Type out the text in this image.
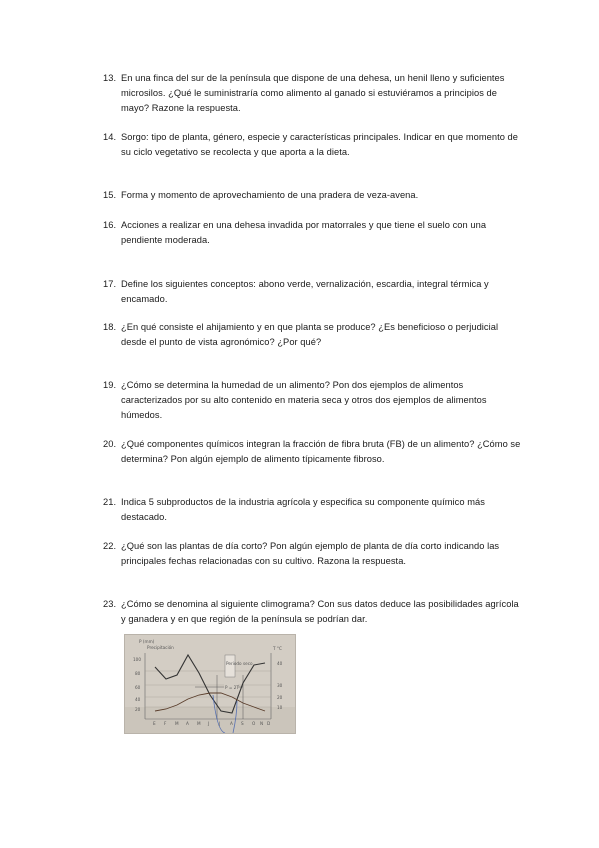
13. En una finca del sur de la península que dispone de una dehesa, un henil lleno y suficientes microsilos. ¿Qué le suministraría como alimento al ganado si estuviéramos a principios de mayo? Razone la respuesta.
14. Sorgo: tipo de planta, género, especie y características principales. Indicar en que momento de su ciclo vegetativo se recolecta y que aporta a la dieta.
15. Forma y momento de aprovechamiento de una pradera de veza-avena.
16. Acciones a realizar en una dehesa invadida por matorrales y que tiene el suelo con una pendiente moderada.
17. Define los siguientes conceptos: abono verde, vernalización, escardia, integral térmica y encamado.
18. ¿En qué consiste el ahijamiento y en que planta se produce? ¿Es beneficioso o perjudicial desde el punto de vista agronómico? ¿Por qué?
19. ¿Cómo se determina la humedad de un alimento? Pon dos ejemplos de alimentos caracterizados por su alto contenido en materia seca y otros dos ejemplos de alimentos húmedos.
20. ¿Qué componentes químicos integran la fracción de fibra bruta (FB) de un alimento? ¿Cómo se determina? Pon algún ejemplo de alimento típicamente fibroso.
21. Indica 5 subproductos de la industria agrícola y especifica su componente químico más destacado.
22. ¿Qué son las plantas de día corto? Pon algún ejemplo de planta de día corto indicando las principales fechas relacionadas con su cultivo. Razona la respuesta.
23. ¿Cómo se denomina al siguiente climograma? Con sus datos deduce las posibilidades agrícola y ganadera y en que región de la península se podrían dar.
P (mm)
Precipitación	T °C
100
80
60
40
20
40
30
20
10
Periodo seco
P = 2T
E F M A M J J A S O N D
